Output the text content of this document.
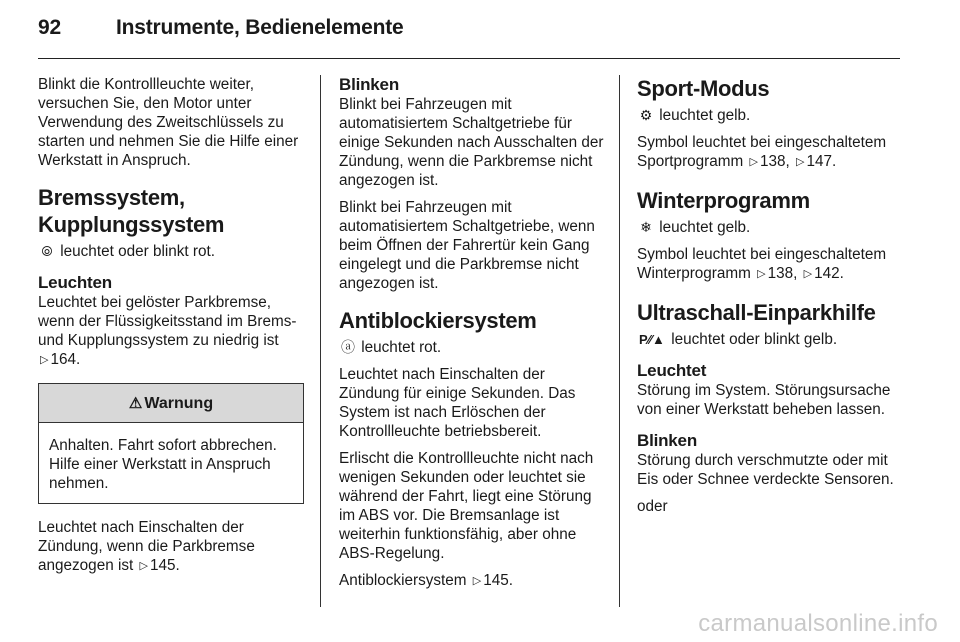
92	Instrumente, Bedienelemente

Blinkt die Kontrollleuchte weiter, versuchen Sie, den Motor unter Verwendung des Zweitschlüssels zu starten und nehmen Sie die Hilfe einer Werkstatt in Anspruch.

Bremssystem,
Kupplungssystem

⦾ leuchtet oder blinkt rot.

Leuchten

Leuchtet bei gelöster Parkbremse, wenn der Flüssigkeitsstand im Brems- und Kupplungssystem zu niedrig ist ▷ 164.

⚠ Warnung
Anhalten. Fahrt sofort abbrechen. Hilfe einer Werkstatt in Anspruch nehmen.

Leuchtet nach Einschalten der Zündung, wenn die Parkbremse angezogen ist ▷ 145.

Blinken

Blinkt bei Fahrzeugen mit automatisiertem Schaltgetriebe für einige Sekunden nach Ausschalten der Zündung, wenn die Parkbremse nicht angezogen ist.

Blinkt bei Fahrzeugen mit automatisiertem Schaltgetriebe, wenn beim Öffnen der Fahrertür kein Gang eingelegt und die Parkbremse nicht angezogen ist.

Antiblockiersystem

ⓐ leuchtet rot.

Leuchtet nach Einschalten der Zündung für einige Sekunden. Das System ist nach Erlöschen der Kontrollleuchte betriebsbereit.

Erlischt die Kontrollleuchte nicht nach wenigen Sekunden oder leuchtet sie während der Fahrt, liegt eine Störung im ABS vor. Die Bremsanlage ist weiterhin funktionsfähig, aber ohne ABS-Regelung.

Antiblockiersystem ▷ 145.

Sport-Modus

⚙ leuchtet gelb.

Symbol leuchtet bei eingeschaltetem Sportprogramm ▷ 138, ▷ 147.

Winterprogramm

❄ leuchtet gelb.

Symbol leuchtet bei eingeschaltetem Winterprogramm ▷ 138, ▷ 142.

Ultraschall-Einparkhilfe

P⁄⁄▲ leuchtet oder blinkt gelb.

Leuchtet

Störung im System. Störungsursache von einer Werkstatt beheben lassen.

Blinken

Störung durch verschmutzte oder mit Eis oder Schnee verdeckte Sensoren.

oder

carmanualsonline.info
